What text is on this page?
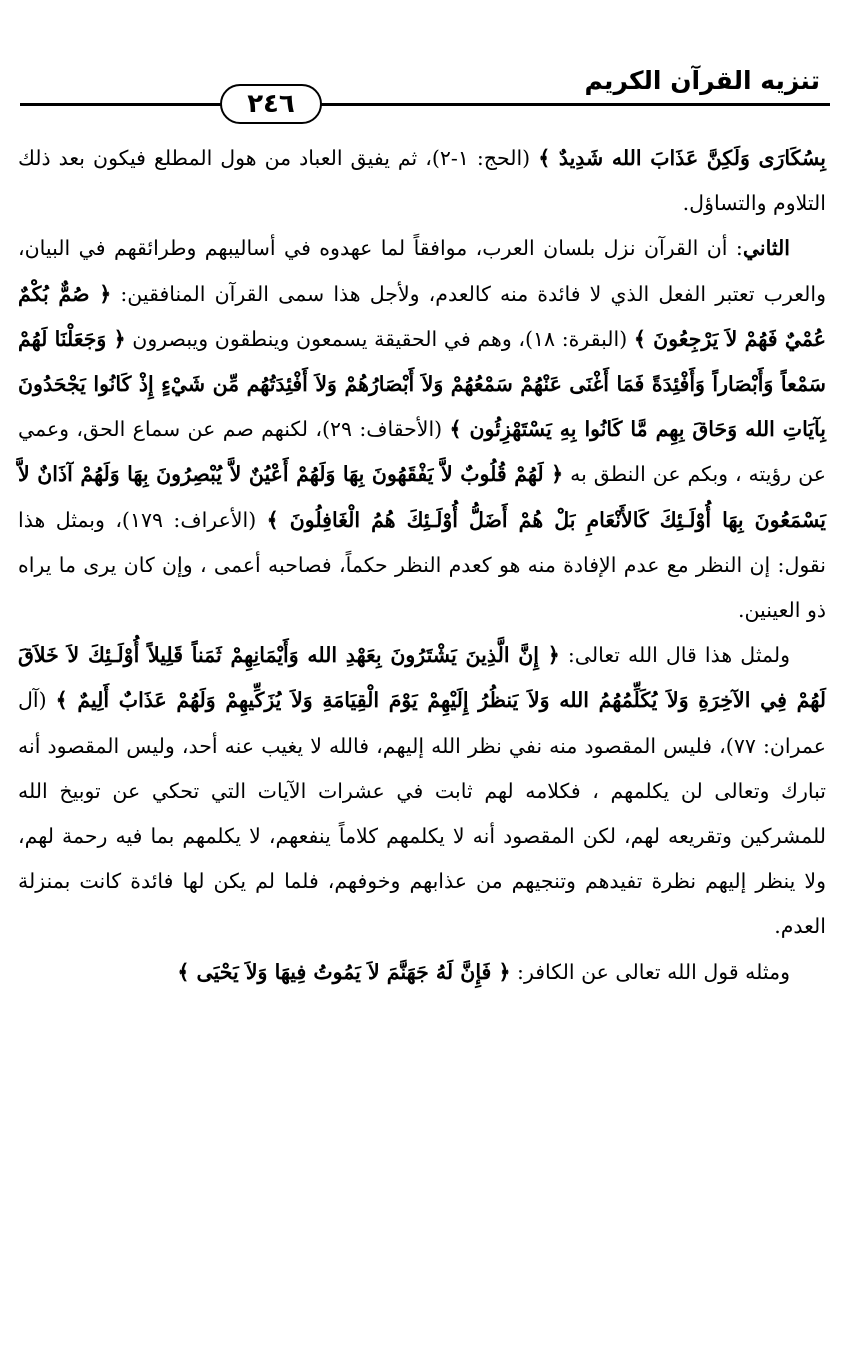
تنزيه القرآن الكريم
٢٤٦

بِسُكَارَى وَلَكِنَّ عَذَابَ الله شَدِيدٌ ﴾ (الحج: ١-٢)، ثم يفيق العباد من هول المطلع فيكون بعد ذلك التلاوم والتساؤل.

الثاني: أن القرآن نزل بلسان العرب، موافقاً لما عهدوه في أساليبهم وطرائقهم في البيان، والعرب تعتبر الفعل الذي لا فائدة منه كالعدم، ولأجل هذا سمى القرآن المنافقين: ﴿ صُمٌّ بُكْمٌ عُمْيٌ فَهُمْ لاَ يَرْجِعُونَ ﴾ (البقرة: ١٨)، وهم في الحقيقة يسمعون وينطقون ويبصرون ﴿ وَجَعَلْنَا لَهُمْ سَمْعاً وَأَبْصَاراً وَأَفْئِدَةً فَمَا أَغْنَى عَنْهُمْ سَمْعُهُمْ وَلاَ أَبْصَارُهُمْ وَلاَ أَفْئِدَتُهُم مِّن شَيْءٍ إِذْ كَانُوا يَجْحَدُونَ بِآيَاتِ الله وَحَاقَ بِهِم مَّا كَانُوا بِهِ يَسْتَهْزِئُون ﴾ (الأحقاف: ٢٩)، لكنهم صم عن سماع الحق، وعمي عن رؤيته ، وبكم عن النطق به ﴿ لَهُمْ قُلُوبٌ لاَّ يَفْقَهُونَ بِهَا وَلَهُمْ أَعْيُنٌ لاَّ يُبْصِرُونَ بِهَا وَلَهُمْ آذَانٌ لاَّ يَسْمَعُونَ بِهَا أُوْلَـئِكَ كَالأَنْعَامِ بَلْ هُمْ أَضَلُّ أُوْلَـئِكَ هُمُ الْغَافِلُونَ ﴾ (الأعراف: ١٧٩)، وبمثل هذا نقول: إن النظر مع عدم الإفادة منه هو كعدم النظر حكماً، فصاحبه أعمى ، وإن كان يرى ما يراه ذو العينين.

ولمثل هذا قال الله تعالى: ﴿ إِنَّ الَّذِينَ يَشْتَرُونَ بِعَهْدِ الله وَأَيْمَانِهِمْ ثَمَناً قَلِيلاً أُوْلَـئِكَ لاَ خَلاَقَ لَهُمْ فِي الآخِرَةِ وَلاَ يُكَلِّمُهُمُ الله وَلاَ يَنظُرُ إِلَيْهِمْ يَوْمَ الْقِيَامَةِ وَلاَ يُزَكِّيهِمْ وَلَهُمْ عَذَابٌ أَلِيمٌ ﴾ (آل عمران: ٧٧)، فليس المقصود منه نفي نظر الله إليهم، فالله لا يغيب عنه أحد، وليس المقصود أنه تبارك وتعالى لن يكلمهم ، فكلامه لهم ثابت في عشرات الآيات التي تحكي عن توبيخ الله للمشركين وتقريعه لهم، لكن المقصود أنه لا يكلمهم كلاماً ينفعهم، لا يكلمهم بما فيه رحمة لهم، ولا ينظر إليهم نظرة تفيدهم وتنجيهم من عذابهم وخوفهم، فلما لم يكن لها فائدة كانت بمنزلة العدم.

ومثله قول الله تعالى عن الكافر: ﴿ فَإِنَّ لَهُ جَهَنَّمَ لاَ يَمُوتُ فِيهَا وَلاَ يَحْيَى ﴾
